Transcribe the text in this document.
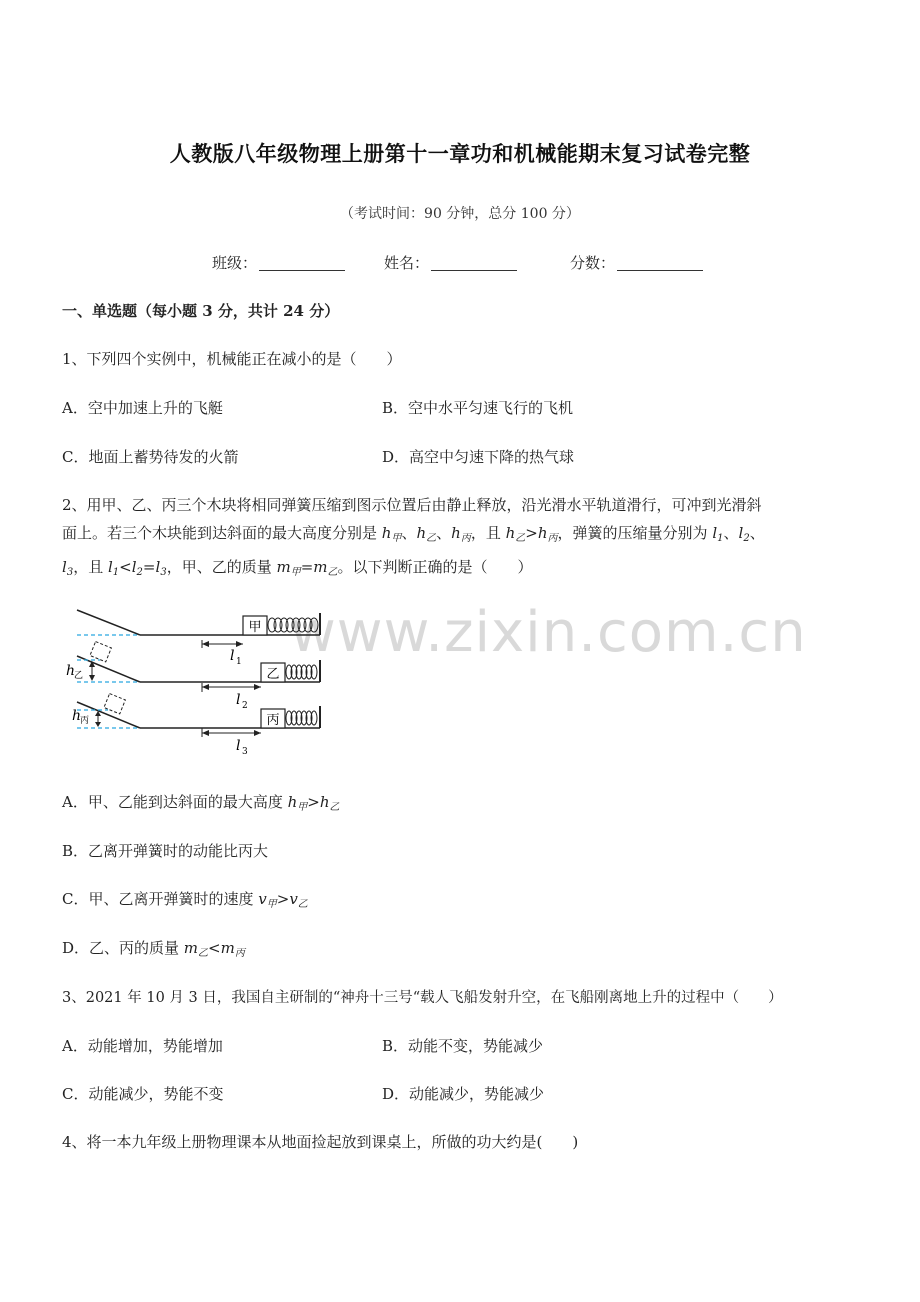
人教版八年级物理上册第十一章功和机械能期末复习试卷完整
（考试时间：90 分钟，总分 100 分）
班级：	姓名：	分数：
一、单选题（每小题 3 分，共计 24 分）
1、下列四个实例中，机械能正在减小的是（　　）
A．空中加速上升的飞艇	B．空中水平匀速飞行的飞机
C．地面上蓄势待发的火箭	D．高空中匀速下降的热气球
2、用甲、乙、丙三个木块将相同弹簧压缩到图示位置后由静止释放，沿光滑水平轨道滑行，可冲到光滑斜
面上。若三个木块能到达斜面的最大高度分别是 $h_甲$、$h_乙$、$h_丙$，且 $h_乙>h_丙$，弹簧的压缩量分别为 $l_1$、$l_2$、
$l_3$，且 $l_1<l_2=l_3$，甲、乙的质量 $m_甲=m_乙$。以下判断正确的是（　　）
www.zixin.com.cn
甲
l 1
h
乙	乙
l 2
h
丙	丙
l 3
A．甲、乙能到达斜面的最大高度 $h_甲>h_乙$
B．乙离开弹簧时的动能比丙大
C．甲、乙离开弹簧时的速度 $v_甲>v_乙$
D．乙、丙的质量 $m_乙<m_丙$
3、2021 年 10 月 3 日，我国自主研制的“神舟十三号“载人飞船发射升空，在飞船刚离地上升的过程中（　　）
A．动能增加，势能增加	B．动能不变，势能减少
C．动能减少，势能不变	D．动能减少，势能减少
4、将一本九年级上册物理课本从地面捡起放到课桌上，所做的功大约是(　　)
